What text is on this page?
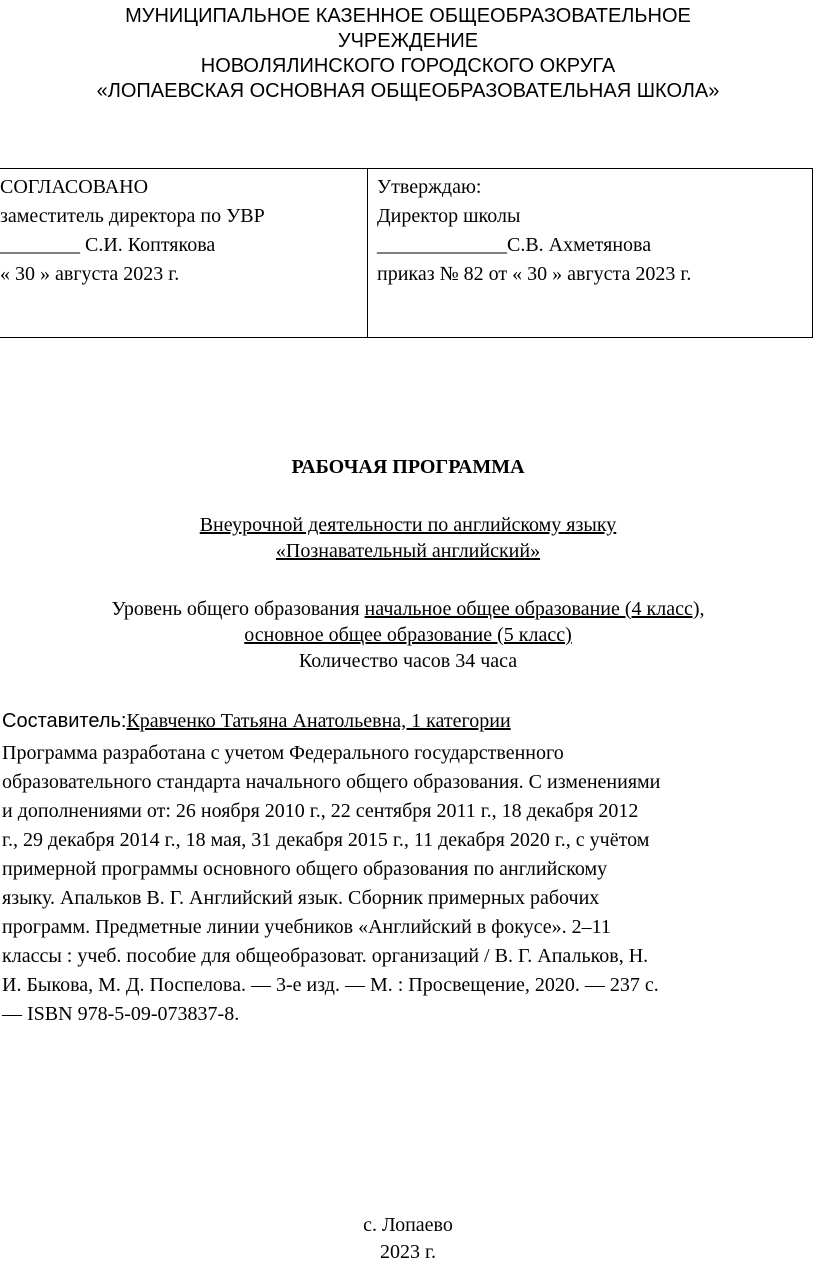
МУНИЦИПАЛЬНОЕ КАЗЕННОЕ ОБЩЕОБРАЗОВАТЕЛЬНОЕ
УЧРЕЖДЕНИЕ
НОВОЛЯЛИНСКОГО ГОРОДСКОГО ОКРУГА
«ЛОПАЕВСКАЯ ОСНОВНАЯ ОБЩЕОБРАЗОВАТЕЛЬНАЯ ШКОЛА»
СОГЛАСОВАНО
заместитель директора по УВР
________ С.И. Коптякова
« 30 » августа 2023 г.
Утверждаю:
Директор школы
_____________С.В. Ахметянова
приказ № 82 от « 30 » августа 2023 г.
РАБОЧАЯ ПРОГРАММА
Внеурочной деятельности по английскому языку
«Познавательный английский»
Уровень общего образования начальное общее образование (4 класс),
основное общее образование (5 класс)
Количество часов 34 часа
Составитель:Кравченко Татьяна Анатольевна, 1 категории
Программа разработана с учетом Федерального государственного
образовательного стандарта начального общего образования. С изменениями
и дополнениями от: 26 ноября 2010 г., 22 сентября 2011 г., 18 декабря 2012
г., 29 декабря 2014 г., 18 мая, 31 декабря 2015 г., 11 декабря 2020 г., с учётом
примерной программы основного общего образования по английскому
языку. Апальков В. Г. Английский язык. Сборник примерных рабочих
программ. Предметные линии учебников «Английский в фокусе». 2–11
классы : учеб. пособие для общеобразоват. организаций / В. Г. Апальков, Н.
И. Быкова, М. Д. Поспелова. — 3-е изд. — М. : Просвещение, 2020. — 237 с.
— ISBN 978-5-09-073837-8.
с. Лопаево
2023 г.
